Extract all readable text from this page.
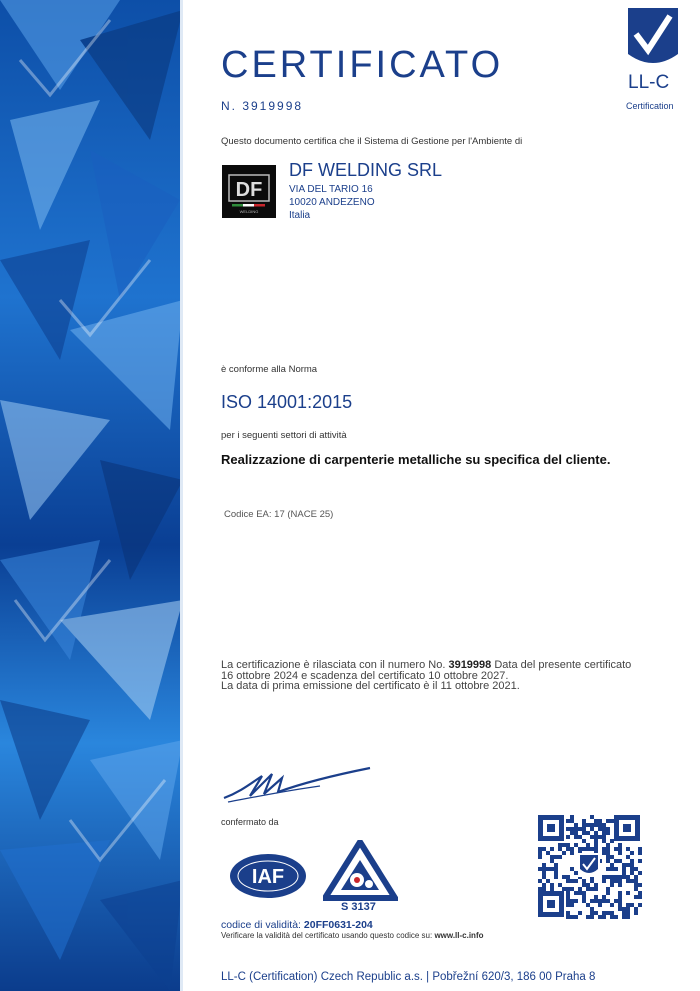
LL-C
Certification
CERTIFICATO
N. 3919998
Questo documento certifica che il Sistema di Gestione per l'Ambiente di
DF
WELDING
DF WELDING SRL
VIA DEL TARIO 16
10020 ANDEZENO
Italia
è conforme alla Norma
ISO 14001:2015
per i seguenti settori di attività
Realizzazione di carpenterie metalliche su specifica del cliente.
Codice EA: 17 (NACE 25)
La certificazione è rilasciata con il numero No. 3919998 Data del presente certificato 16 ottobre 2024 e scadenza del certificato 10 ottobre 2027.
La data di prima emissione del certificato è il 11 ottobre 2021.
confermato da
IAF
S 3137
codice di validità: 20FF0631-204
Verificare la validità del certificato usando questo codice su: www.ll-c.info
LL-C (Certification) Czech Republic a.s. | Pobřežní 620/3, 186 00 Praha 8
